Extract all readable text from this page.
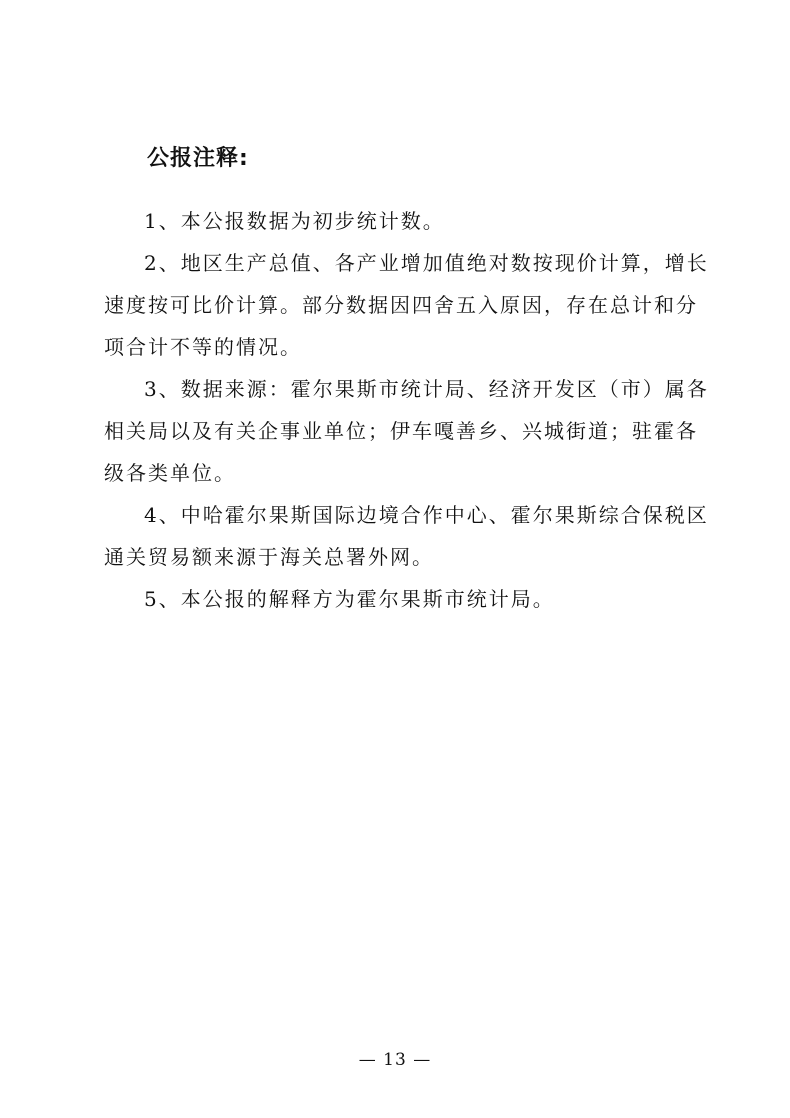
公报注释:

1、本公报数据为初步统计数。

2、地区生产总值、各产业增加值绝对数按现价计算，增长
速度按可比价计算。部分数据因四舍五入原因，存在总计和分
项合计不等的情况。

3、数据来源：霍尔果斯市统计局、经济开发区（市）属各
相关局以及有关企事业单位；伊车嘎善乡、兴城街道；驻霍各
级各类单位。

4、中哈霍尔果斯国际边境合作中心、霍尔果斯综合保税区
通关贸易额来源于海关总署外网。

5、本公报的解释方为霍尔果斯市统计局。

— 13 —
